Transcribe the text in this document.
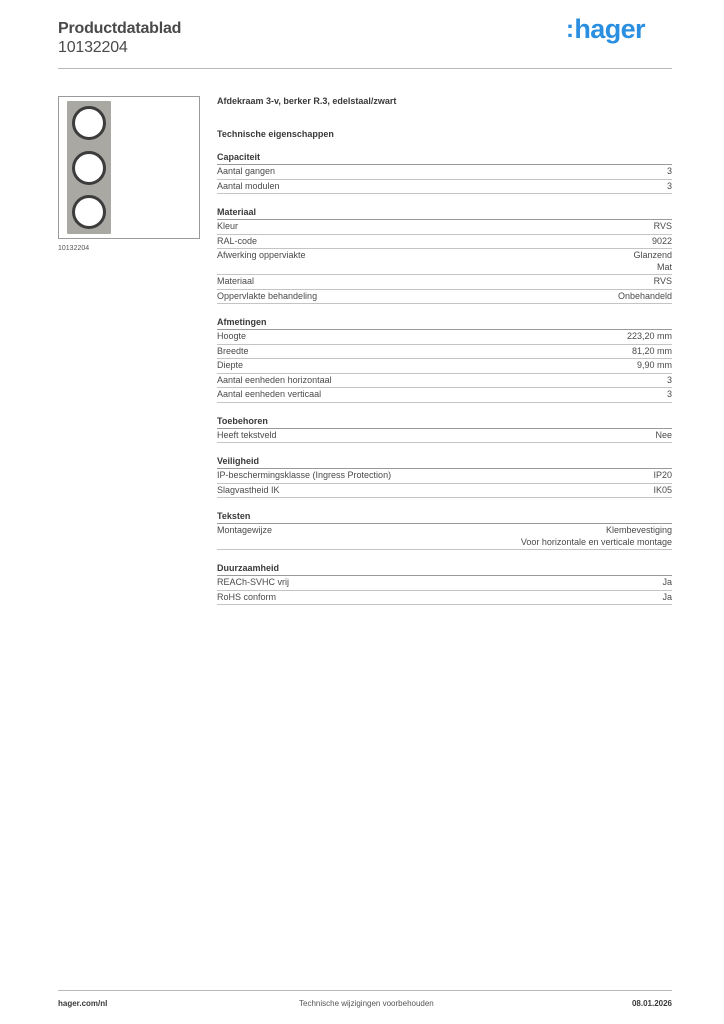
Productdatablad
10132204
:hager
10132204
Afdekraam 3-v, berker R.3, edelstaal/zwart
Technische eigenschappen
Capaciteit
Aantal gangen	3
Aantal modulen	3
Materiaal
Kleur	RVS
RAL-code	9022
Afwerking opperviakte	Glanzend
Mat
Materiaal	RVS
Oppervlakte behandeling	Onbehandeld
Afmetingen
Hoogte	223,20 mm
Breedte	81,20 mm
Diepte	9,90 mm
Aantal eenheden horizontaal	3
Aantal eenheden verticaal	3
Toebehoren
Heeft tekstveld	Nee
Veiligheid
IP-beschermingsklasse (Ingress Protection)	IP20
Slagvastheid IK	IK05
Teksten
Montagewijze	Klembevestiging
Voor horizontale en verticale montage
Duurzaamheid
REACh-SVHC vrij	Ja
RoHS conform	Ja
hager.com/nl	Technische wijzigingen voorbehouden	08.01.2026
